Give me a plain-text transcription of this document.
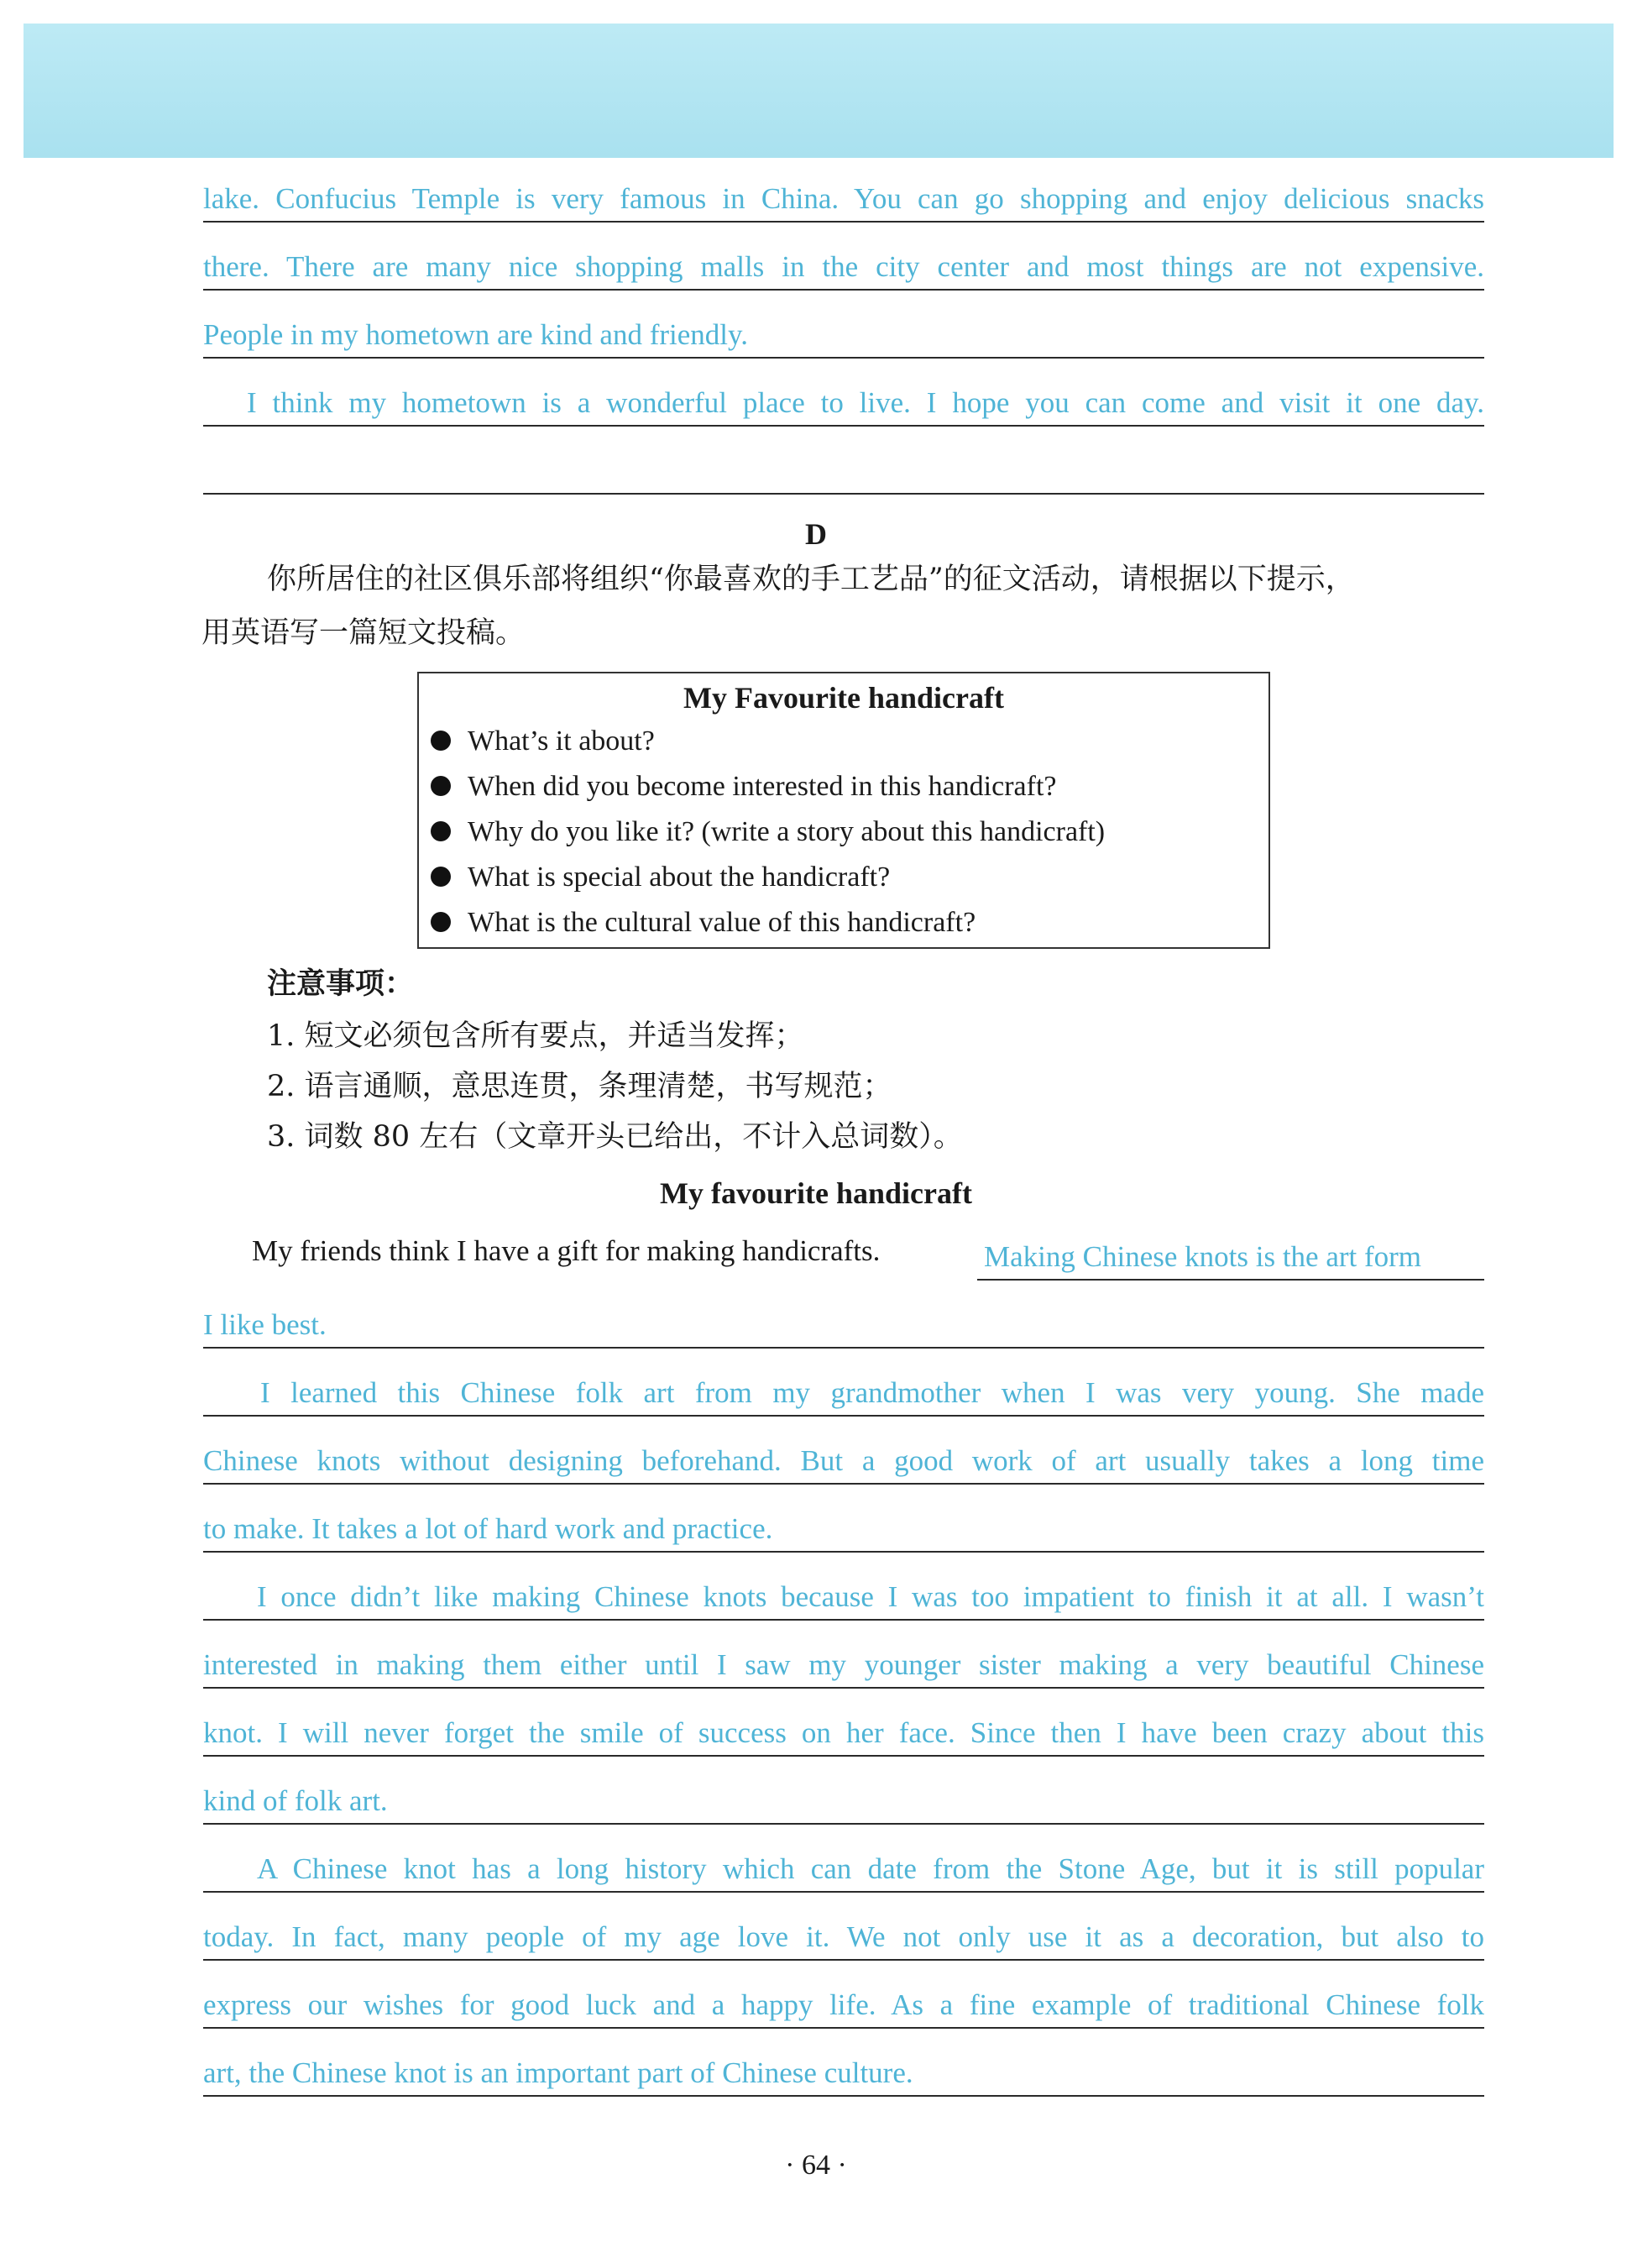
lake. Confucius Temple is very famous in China. You can go shopping and enjoy delicious snacks
there. There are many nice shopping malls in the city center and most things are not expensive.
People in my hometown are kind and friendly.
I think my hometown is a wonderful place to live. I hope you can come and visit it one day.
D
你所居住的社区俱乐部将组织“你最喜欢的手工艺品”的征文活动，请根据以下提示，
用英语写一篇短文投稿。
My Favourite handicraft
What’s it about?
When did you become interested in this handicraft?
Why do you like it? (write a story about this handicraft)
What is special about the handicraft?
What is the cultural value of this handicraft?
注意事项：
1. 短文必须包含所有要点，并适当发挥；
2. 语言通顺，意思连贯，条理清楚，书写规范；
3. 词数 80 左右（文章开头已给出，不计入总词数）。
My favourite handicraft
Making Chinese knots is the art form
I like best.
I learned this Chinese folk art from my grandmother when I was very young. She made
Chinese knots without designing beforehand. But a good work of art usually takes a long time
to make. It takes a lot of hard work and practice.
I once didn’t like making Chinese knots because I was too impatient to finish it at all. I wasn’t
interested in making them either until I saw my younger sister making a very beautiful Chinese
knot. I will never forget the smile of success on her face. Since then I have been crazy about this
kind of folk art.
A Chinese knot has a long history which can date from the Stone Age, but it is still popular
today. In fact, many people of my age love it. We not only use it as a decoration, but also to
express our wishes for good luck and a happy life. As a fine example of traditional Chinese folk
art, the Chinese knot is an important part of Chinese culture.
My friends think I have a gift for making handicrafts.
· 64 ·
